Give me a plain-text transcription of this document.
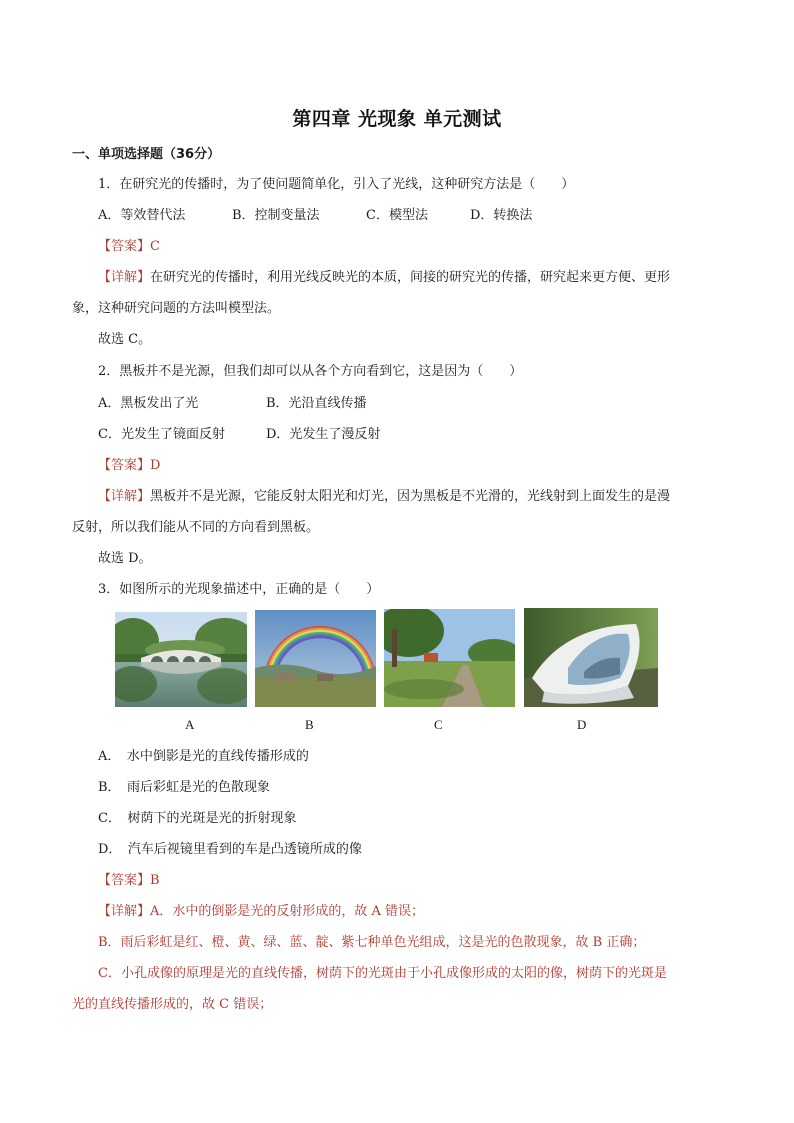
第四章 光现象 单元测试
一、单项选择题（36分）
1．在研究光的传播时，为了使问题简单化，引入了光线，这种研究方法是（　　）
A．等效替代法	B．控制变量法	C．模型法	D．转换法
【答案】C
【详解】在研究光的传播时，利用光线反映光的本质，间接的研究光的传播，研究起来更方便、更形
象，这种研究问题的方法叫模型法。
故选 C。
2．黑板并不是光源，但我们却可以从各个方向看到它，这是因为（　　）
A．黑板发出了光	B．光沿直线传播
C．光发生了镜面反射	D．光发生了漫反射
【答案】D
【详解】黑板并不是光源，它能反射太阳光和灯光，因为黑板是不光滑的，光线射到上面发生的是漫
反射，所以我们能从不同的方向看到黑板。
故选 D。
3．如图所示的光现象描述中，正确的是（　　）
A	B	C	D
A．　水中倒影是光的直线传播形成的
B．　雨后彩虹是光的色散现象
C．　树荫下的光斑是光的折射现象
D．　汽车后视镜里看到的车是凸透镜所成的像
【答案】B
【详解】A．水中的倒影是光的反射形成的，故 A 错误；
B．雨后彩虹是红、橙、黄、绿、蓝、靛、紫七种单色光组成，这是光的色散现象，故 B 正确；
C．小孔成像的原理是光的直线传播，树荫下的光斑由于小孔成像形成的太阳的像，树荫下的光斑是
光的直线传播形成的，故 C 错误；
